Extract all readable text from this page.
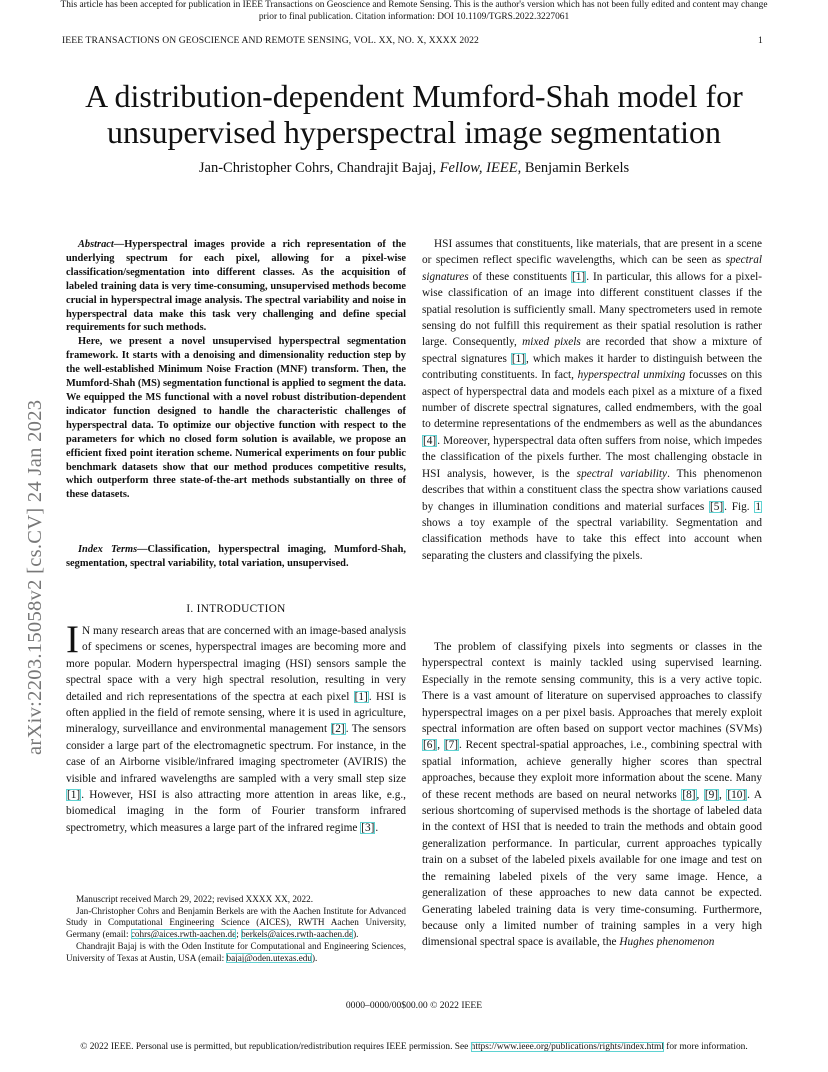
This article has been accepted for publication in IEEE Transactions on Geoscience and Remote Sensing. This is the author's version which has not been fully edited and content may change prior to final publication. Citation information: DOI 10.1109/TGRS.2022.3227061
IEEE TRANSACTIONS ON GEOSCIENCE AND REMOTE SENSING, VOL. XX, NO. X, XXXX 2022	1
A distribution-dependent Mumford-Shah model for unsupervised hyperspectral image segmentation
Jan-Christopher Cohrs, Chandrajit Bajaj, Fellow, IEEE, Benjamin Berkels
arXiv:2203.15058v2 [cs.CV] 24 Jan 2023

Abstract—Hyperspectral images provide a rich representation of the underlying spectrum for each pixel, allowing for a pixel-wise classification/segmentation into different classes. As the acquisition of labeled training data is very time-consuming, unsupervised methods become crucial in hyperspectral image analysis. The spectral variability and noise in hyperspectral data make this task very challenging and define special requirements for such methods.

Here, we present a novel unsupervised hyperspectral segmentation framework. It starts with a denoising and dimensionality reduction step by the well-established Minimum Noise Fraction (MNF) transform. Then, the Mumford-Shah (MS) segmentation functional is applied to segment the data. We equipped the MS functional with a novel robust distribution-dependent indicator function designed to handle the characteristic challenges of hyperspectral data. To optimize our objective function with respect to the parameters for which no closed form solution is available, we propose an efficient fixed point iteration scheme. Numerical experiments on four public benchmark datasets show that our method produces competitive results, which outperform three state-of-the-art methods substantially on three of these datasets.

Index Terms—Classification, hyperspectral imaging, Mumford-Shah, segmentation, spectral variability, total variation, unsupervised.

I. INTRODUCTION

I N many research areas that are concerned with an image-based analysis of specimens or scenes, hyperspectral images are becoming more and more popular. Modern hyperspectral imaging (HSI) sensors sample the spectral space with a very high spectral resolution, resulting in very detailed and rich representations of the spectra at each pixel [1]. HSI is often applied in the field of remote sensing, where it is used in agriculture, mineralogy, surveillance and environmental management [2]. The sensors consider a large part of the electromagnetic spectrum. For instance, in the case of an Airborne visible/infrared imaging spectrometer (AVIRIS) the visible and infrared wavelengths are sampled with a very small step size [1]. However, HSI is also attracting more attention in areas like, e.g., biomedical imaging in the form of Fourier transform infrared spectrometry, which measures a large part of the infrared regime [3].

Manuscript received March 29, 2022; revised XXXX XX, 2022.

Jan-Christopher Cohrs and Benjamin Berkels are with the Aachen Institute for Advanced Study in Computational Engineering Science (AICES), RWTH Aachen University, Germany (email: cohrs@aices.rwth-aachen.de; berkels@aices.rwth-aachen.de).

Chandrajit Bajaj is with the Oden Institute for Computational and Engineering Sciences, University of Texas at Austin, USA (email: bajaj@oden.utexas.edu).

HSI assumes that constituents, like materials, that are present in a scene or specimen reflect specific wavelengths, which can be seen as spectral signatures of these constituents [1]. In particular, this allows for a pixel-wise classification of an image into different constituent classes if the spatial resolution is sufficiently small. Many spectrometers used in remote sensing do not fulfill this requirement as their spatial resolution is rather large. Consequently, mixed pixels are recorded that show a mixture of spectral signatures [1], which makes it harder to distinguish between the contributing constituents. In fact, hyperspectral unmixing focusses on this aspect of hyperspectral data and models each pixel as a mixture of a fixed number of discrete spectral signatures, called endmembers, with the goal to determine representations of the endmembers as well as the abundances [4]. Moreover, hyperspectral data often suffers from noise, which impedes the classification of the pixels further. The most challenging obstacle in HSI analysis, however, is the spectral variability. This phenomenon describes that within a constituent class the spectra show variations caused by changes in illumination conditions and material surfaces [5]. Fig. 1 shows a toy example of the spectral variability. Segmentation and classification methods have to take this effect into account when separating the clusters and classifying the pixels.

The problem of classifying pixels into segments or classes in the hyperspectral context is mainly tackled using supervised learning. Especially in the remote sensing community, this is a very active topic. There is a vast amount of literature on supervised approaches to classify hyperspectral images on a per pixel basis. Approaches that merely exploit spectral information are often based on support vector machines (SVMs) [6], [7]. Recent spectral-spatial approaches, i.e., combining spectral with spatial information, achieve generally higher scores than spectral approaches, because they exploit more information about the scene. Many of these recent methods are based on neural networks [8], [9], [10]. A serious shortcoming of supervised methods is the shortage of labeled data in the context of HSI that is needed to train the methods and obtain good generalization performance. In particular, current approaches typically train on a subset of the labeled pixels available for one image and test on the remaining labeled pixels of the very same image. Hence, a generalization of these approaches to new data cannot be expected. Generating labeled training data is very time-consuming. Furthermore, because only a limited number of training samples in a very high dimensional spectral space is available, the Hughes phenomenon

0000–0000/00$00.00 © 2022 IEEE
© 2022 IEEE. Personal use is permitted, but republication/redistribution requires IEEE permission. See https://www.ieee.org/publications/rights/index.html for more information.
